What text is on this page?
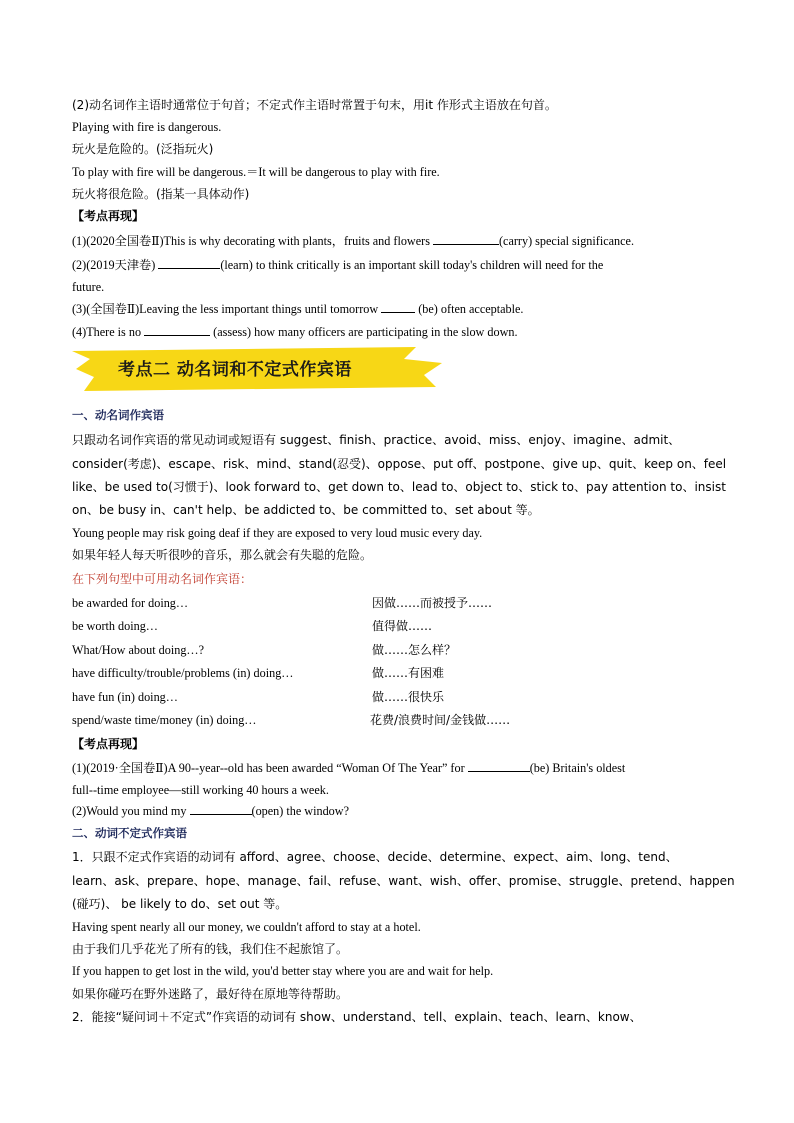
(2)动名词作主语时通常位于句首；不定式作主语时常置于句末，用it 作形式主语放在句首。
Playing with fire is dangerous.
玩火是危险的。(泛指玩火)
To play with fire will be dangerous.＝It will be dangerous to play with fire.
玩火将很危险。(指某一具体动作)
【考点再现】
(1)(2020全国卷Ⅱ)This is why decorating with plants，fruits and flowers	(carry) special significance.
(2)(2019天津卷)	(learn) to think critically is an important skill today's children will need for the
future.
(3)(全国卷Ⅱ)Leaving the less important things until tomorrow	(be) often acceptable.
(4)There is no	(assess) how many officers are participating in the slow down.
考点二 动名词和不定式作宾语
一、动名词作宾语
只跟动名词作宾语的常见动词或短语有 suggest、finish、practice、avoid、miss、enjoy、imagine、admit、
consider(考虑)、escape、risk、mind、stand(忍受)、oppose、put off、postpone、give up、quit、keep on、feel
like、be used to(习惯于)、look forward to、get down to、lead to、object to、stick to、pay attention to、insist
on、be busy in、can't help、be addicted to、be committed to、set about 等。
Young people may risk going deaf if they are exposed to very loud music every day.
如果年轻人每天听很吵的音乐，那么就会有失聪的危险。
在下列句型中可用动名词作宾语：
be awarded for doing…	因做……而被授予……
be worth doing…	值得做……
What/How about doing…?	做……怎么样？
have difficulty/trouble/problems (in) doing…	做……有困难
have fun (in) doing…	做……很快乐
spend/waste time/money (in) doing…	花费/浪费时间/金钱做……
【考点再现】
(1)(2019·全国卷Ⅱ)A 90--year--old has been awarded “Woman Of The Year” for	(be) Britain's oldest
full--time employee—still working 40 hours a week.
(2)Would you mind my	(open) the window?
二、动词不定式作宾语
1．只跟不定式作宾语的动词有 afford、agree、choose、decide、determine、expect、aim、long、tend、
learn、ask、prepare、hope、manage、fail、refuse、want、wish、offer、promise、struggle、pretend、happen
(碰巧)、 be likely to do、set out 等。
Having spent nearly all our money, we couldn't afford to stay at a hotel.
由于我们几乎花光了所有的钱，我们住不起旅馆了。
If you happen to get lost in the wild, you'd better stay where you are and wait for help.
如果你碰巧在野外迷路了，最好待在原地等待帮助。
2．能接“疑问词＋不定式”作宾语的动词有 show、understand、tell、explain、teach、learn、know、
